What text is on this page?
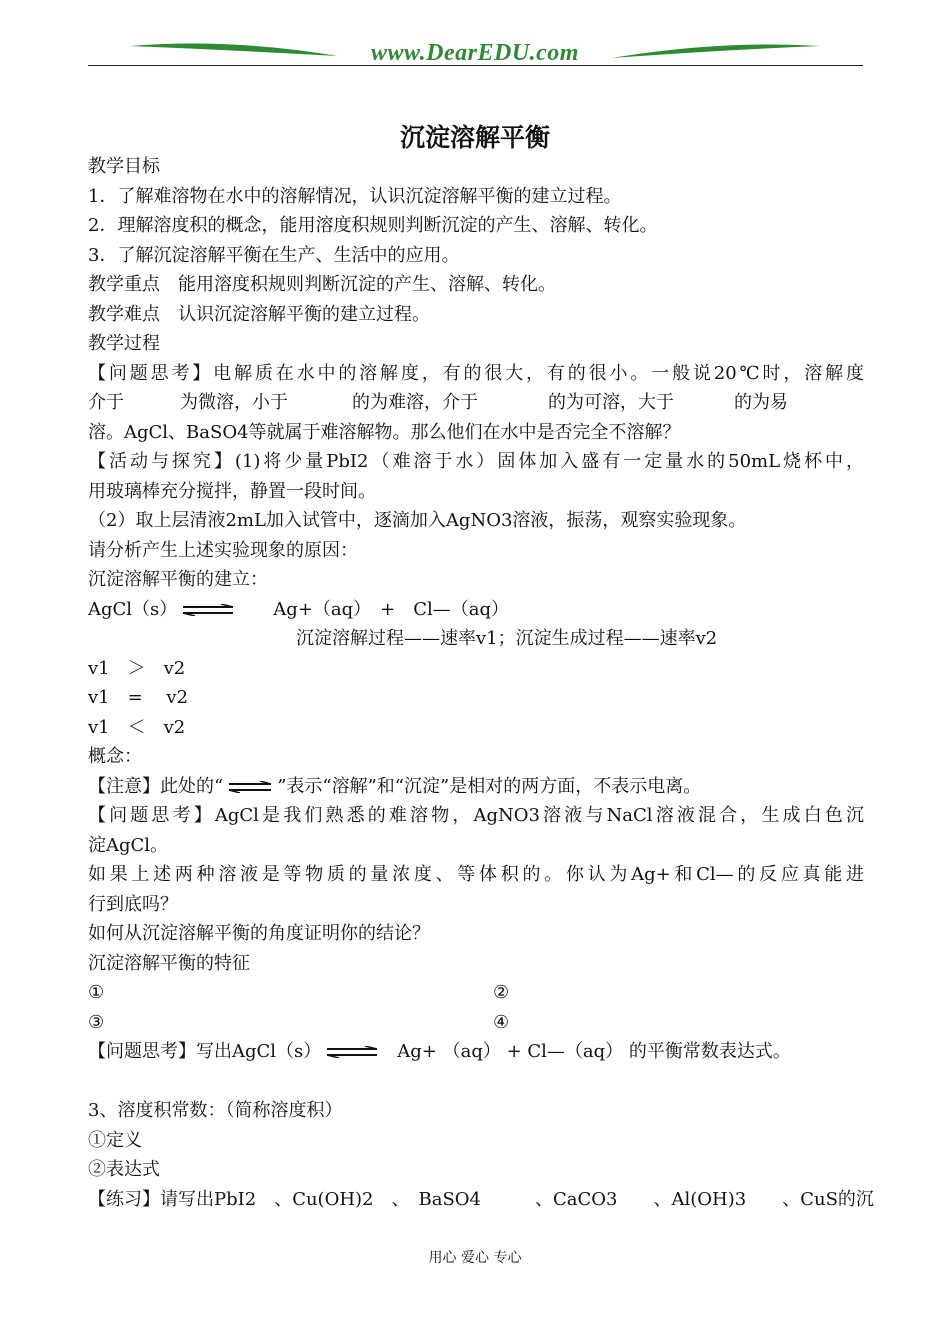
www.DearEDU.com
沉淀溶解平衡
教学目标
1．了解难溶物在水中的溶解情况，认识沉淀溶解平衡的建立过程。
2．理解溶度积的概念，能用溶度积规则判断沉淀的产生、溶解、转化。
3．了解沉淀溶解平衡在生产、生活中的应用。
教学重点　能用溶度积规则判断沉淀的产生、溶解、转化。
教学难点　认识沉淀溶解平衡的建立过程。
教学过程
【问题思考】电解质在水中的溶解度，有的很大，有的很小。一般说20℃时，溶解度
介于	为微溶，小于	的为难溶，介于	的为可溶，大于	的为易
溶。AgCl、BaSO4等就属于难溶解物。那么他们在水中是否完全不溶解？
【活动与探究】(1)将少量PbI2（难溶于水）固体加入盛有一定量水的50mL烧杯中，
用玻璃棒充分搅拌，静置一段时间。
（2）取上层清液2mL加入试管中，逐滴加入AgNO3溶液，振荡，观察实验现象。
请分析产生上述实验现象的原因：
沉淀溶解平衡的建立：
AgCl（s） ⇌ Ag+（aq）　+　Cl—（aq）
沉淀溶解过程——速率v1；沉淀生成过程——速率v2
v1　＞　v2
v1　=　 v2
v1　＜　v2
概念：
【注意】此处的“ ⇌ ”表示“溶解”和“沉淀”是相对的两方面，不表示电离。
【问题思考】AgCl是我们熟悉的难溶物，AgNO3溶液与NaCl溶液混合，生成白色沉
淀AgCl。
如果上述两种溶液是等物质的量浓度、等体积的。你认为Ag+和Cl—的反应真能进
行到底吗？
如何从沉淀溶解平衡的角度证明你的结论？
沉淀溶解平衡的特征
①	②
③	④
【问题思考】写出AgCl（s） ⇌ Ag+ （aq） + Cl—（aq） 的平衡常数表达式。
3、溶度积常数：（简称溶度积）
①定义
②表达式
【练习】请写出PbI2　、Cu(OH)2　、　BaSO4　　　、CaCO3　　、Al(OH)3　　、CuS的沉
用心 爱心 专心
